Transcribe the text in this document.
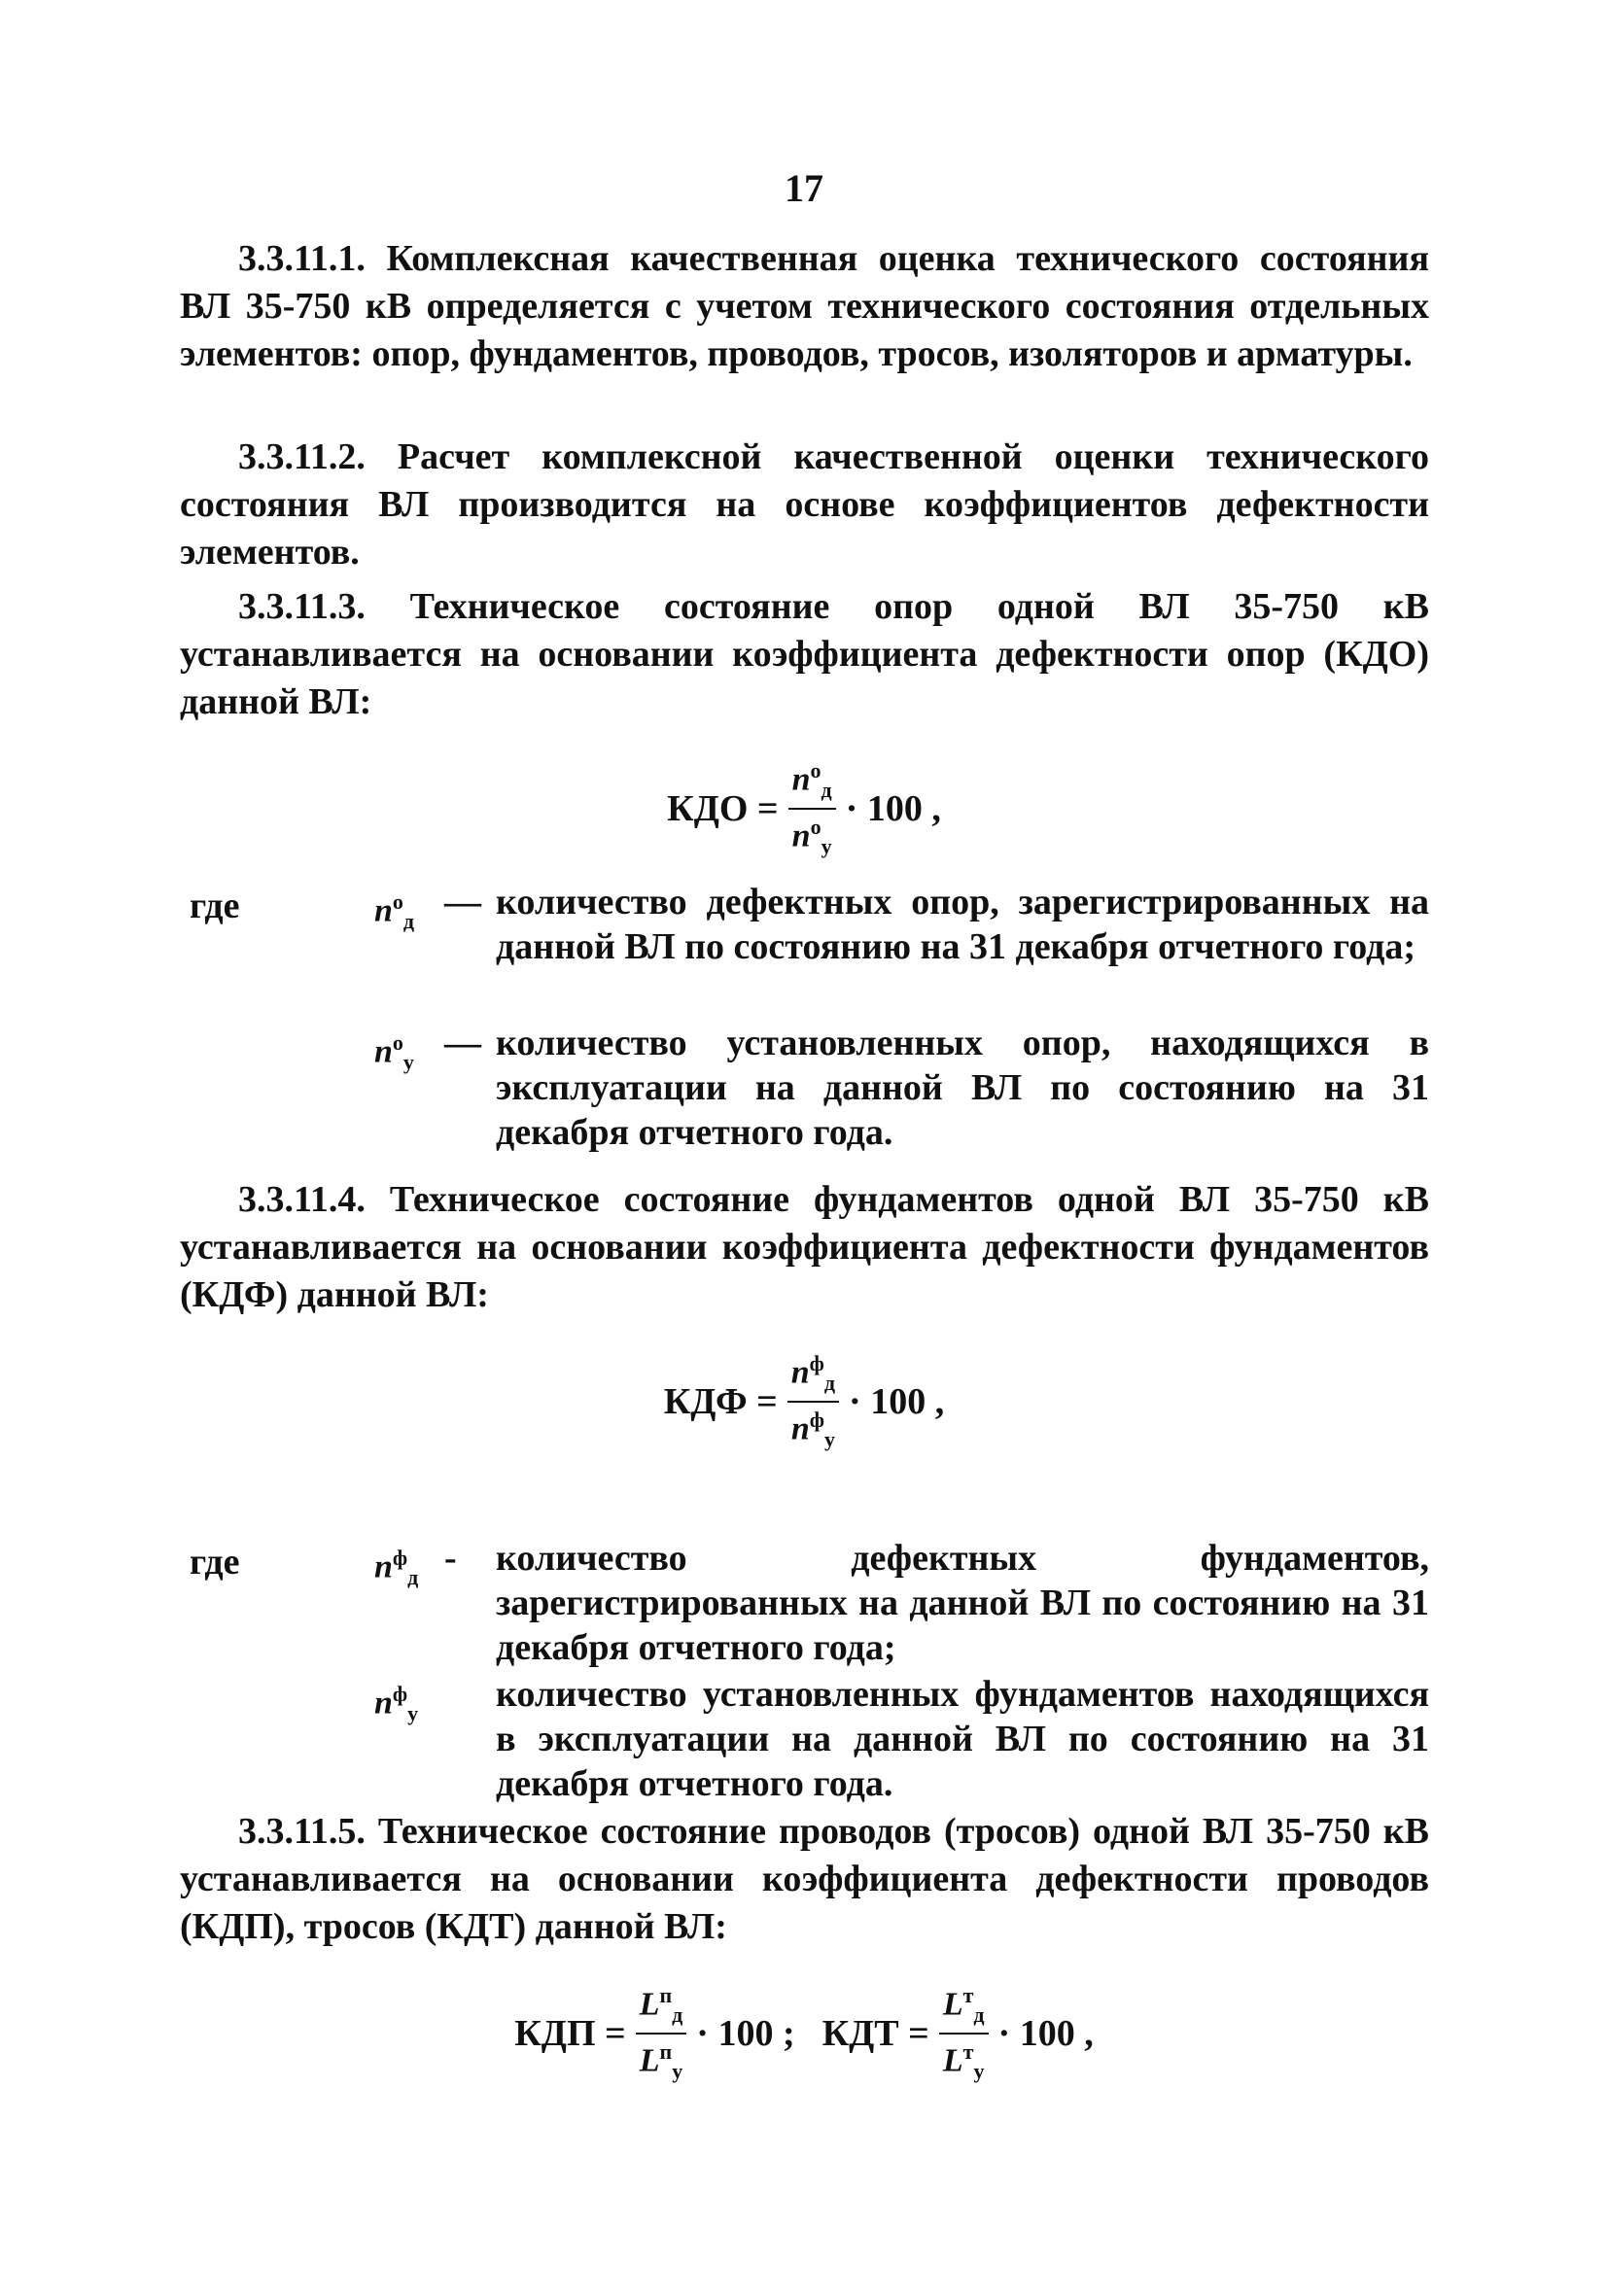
17

3.3.11.1. Комплексная качественная оценка технического состояния ВЛ 35-750 кВ определяется с учетом технического состояния отдельных элементов: опор, фундаментов, проводов, тросов, изоляторов и арматуры.

3.3.11.2. Расчет комплексной качественной оценки технического состояния ВЛ производится на основе коэффициентов дефектности элементов.

3.3.11.3. Техническое состояние опор одной ВЛ 35-750 кВ устанавливается на основании коэффициента дефектности опор (КДО) данной ВЛ:

КДО = $\frac{n^о_д}{n^о_у} \cdot 100$ ,
где	$n^о_д$ — количество дефектных опор, зарегистрированных на данной ВЛ по состоянию на 31 декабря отчетного года;
$n^о_у$ — количество установленных опор, находящихся в эксплуатации на данной ВЛ по состоянию на 31 декабря отчетного года.

3.3.11.4. Техническое состояние фундаментов одной ВЛ 35-750 кВ устанавливается на основании коэффициента дефектности фундаментов (КДФ) данной ВЛ:

КДФ = $\frac{n^ф_д}{n^ф_у} \cdot 100$ ,
где	$n^ф_д$ - количество дефектных фундаментов, зарегистрированных на данной ВЛ по состоянию на 31 декабря отчетного года;
$n^ф_у$	количество установленных фундаментов находящихся в эксплуатации на данной ВЛ по состоянию на 31 декабря отчетного года.

3.3.11.5. Техническое состояние проводов (тросов) одной ВЛ 35-750 кВ устанавливается на основании коэффициента дефектности проводов (КДП), тросов (КДТ) данной ВЛ:

КДП = $\frac{L^п_д}{L^п_у} \cdot 100$ ; КДТ = $\frac{L^т_д}{L^т_у} \cdot 100$ ,
